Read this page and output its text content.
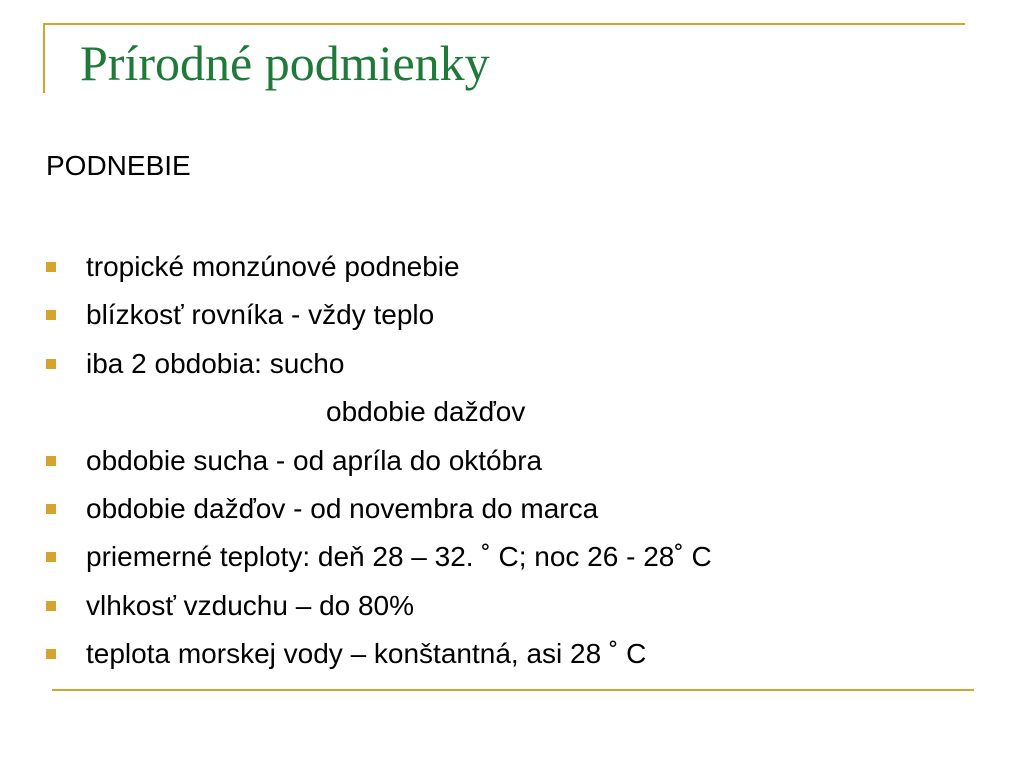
Prírodné podmienky
PODNEBIE
tropické monzúnové podnebie
blízkosť rovníka - vždy teplo
iba 2 obdobia: sucho
obdobie dažďov
obdobie sucha - od apríla do októbra
obdobie dažďov - od novembra do marca
priemerné teploty: deň 28 – 32. ˚ C; noc 26 - 28˚ C
vlhkosť vzduchu – do 80%
teplota morskej vody – konštantná, asi 28 ˚ C
